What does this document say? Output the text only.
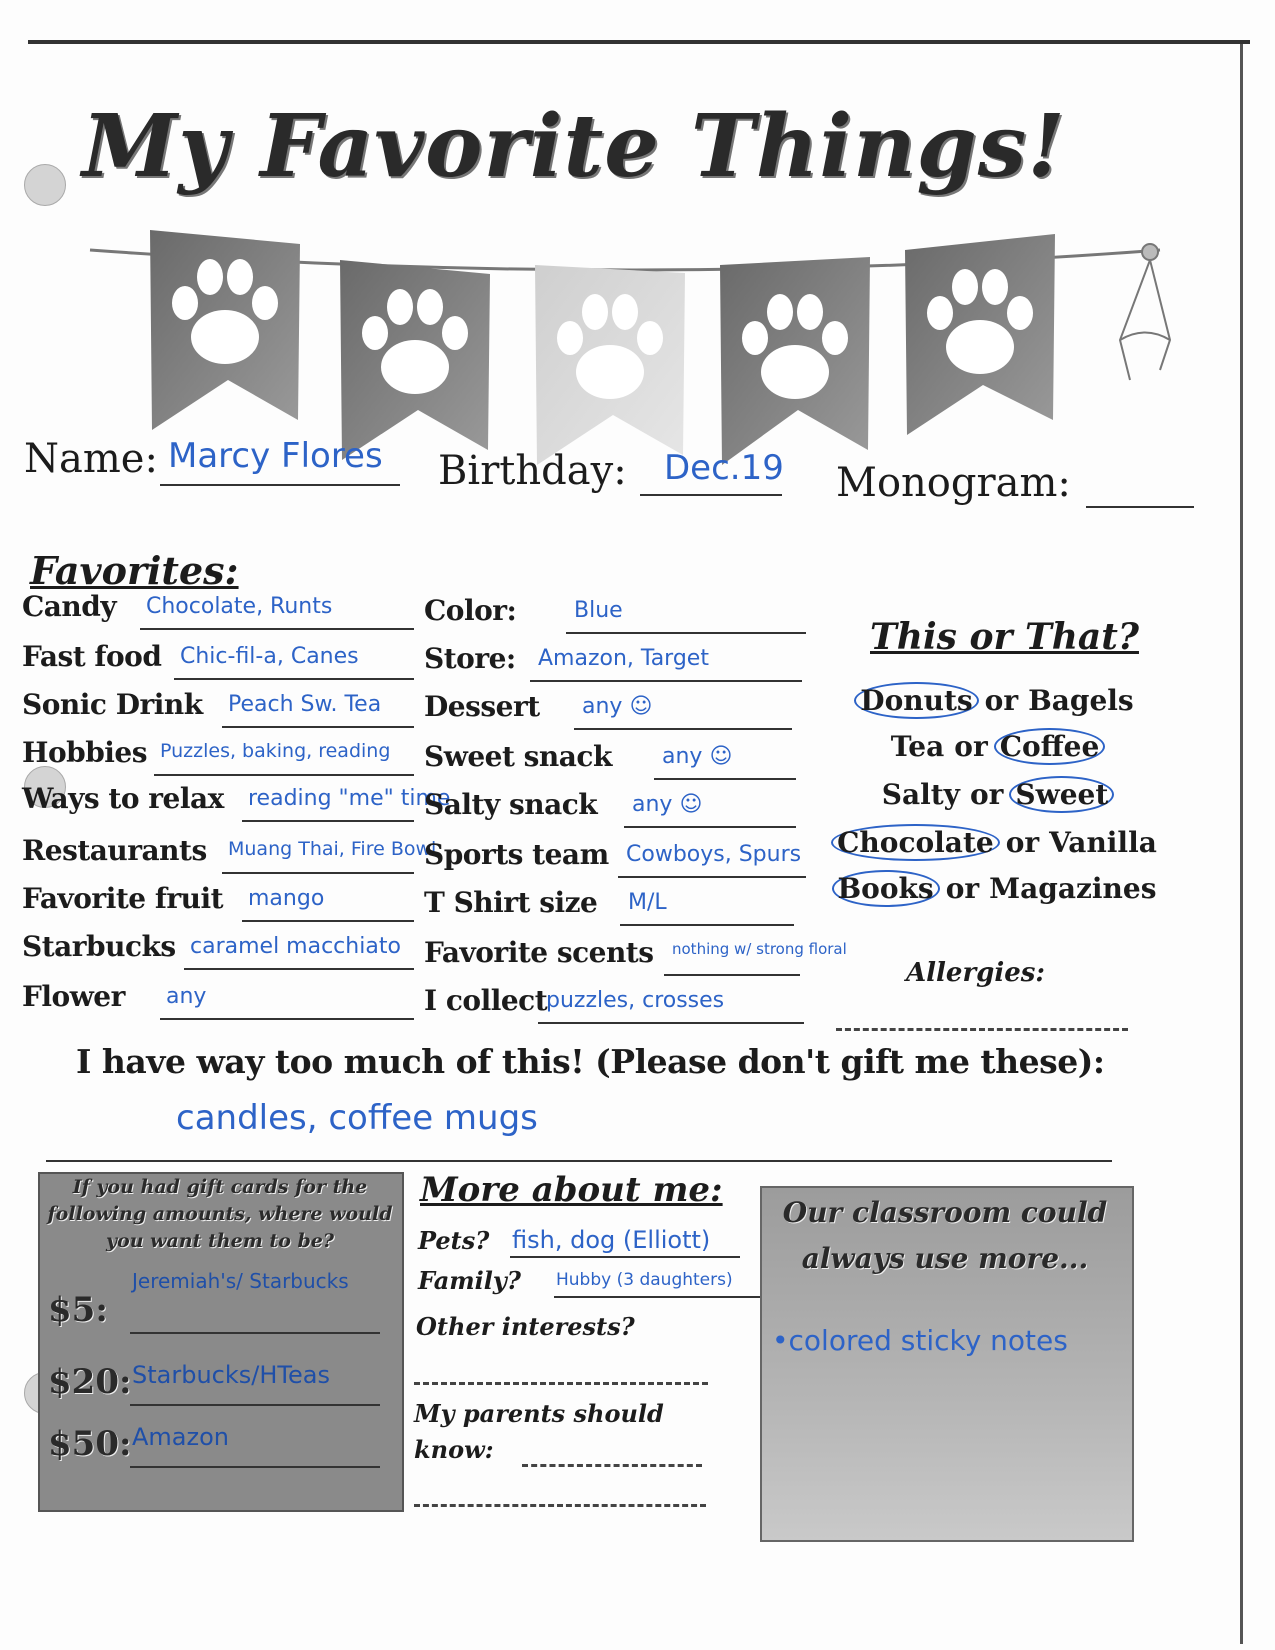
My Favorite Things!
Name: Marcy Flores Birthday: Dec.19 Monogram:
Favorites:
Candy Chocolate, Runts
Fast food Chic-fil-a, Canes
Sonic Drink Peach Sw. Tea
Hobbies Puzzles, baking, reading
Ways to relax reading "me" time
Restaurants Muang Thai, Fire Bowl
Favorite fruit mango
Starbucks caramel macchiato
Flower any
Color:	Blue
Store: Amazon, Target
Dessert any ☺
Sweet snack any ☺
Salty snack any ☺
Sports team Cowboys, Spurs
T Shirt size M/L
Favorite scents nothing w/ strong floral
I collect
puzzles, crosses
This or That?
Donuts or Bagels
Tea or Coffee
Salty or Sweet
Chocolate or Vanilla
Books or Magazines
Allergies:
I have way too much of this! (Please don't gift me these):
candles, coffee mugs
If you had gift cards for the following amounts, where would you want them to be?
$5:
Jeremiah's/ Starbucks
$20: Starbucks/HTeas
$50: Amazon
More about me:
Pets? fish, dog (Elliott)
Family? Hubby (3 daughters)
Other interests?
My parents should know:
Our classroom could always use more...
•colored sticky notes
